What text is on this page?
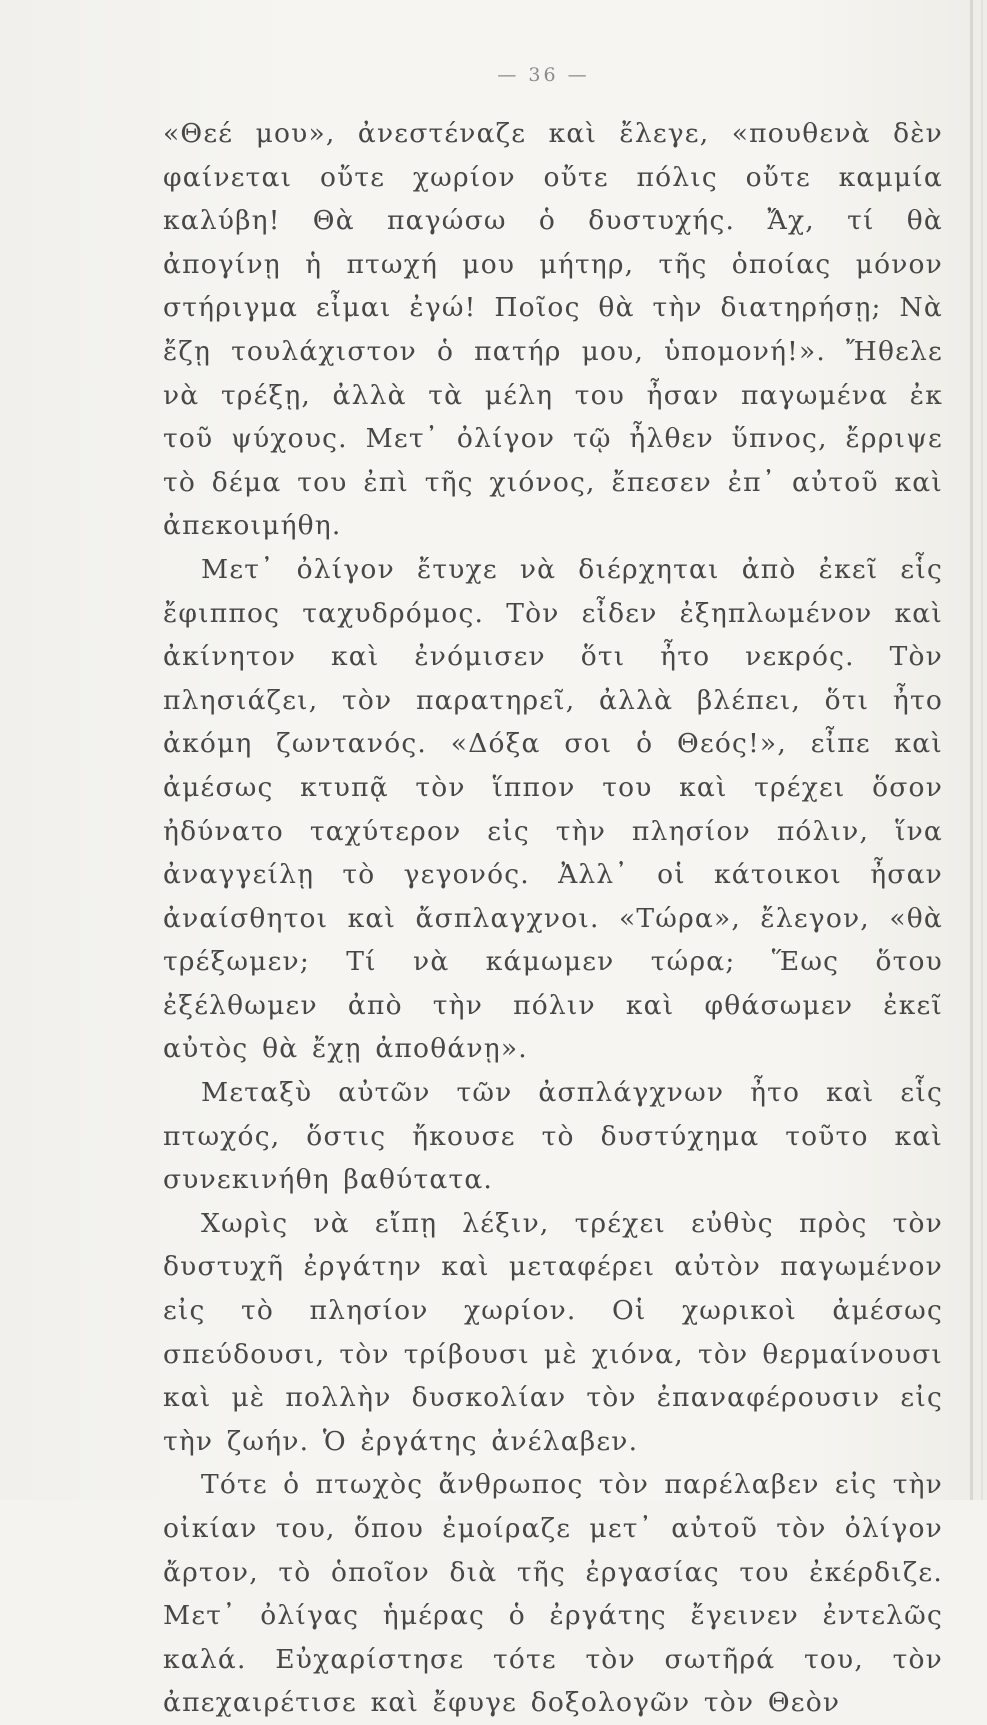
— 36 —

«Θεέ μου», ἀνεστέναζε καὶ ἔλεγε, «πουθενὰ δὲν φαίνεται οὔτε χωρίον οὔτε πόλις οὔτε καμμία καλύβη! Θὰ παγώσω ὁ δυστυχής. Ἄχ, τί θὰ ἀπογίνῃ ἡ πτωχή μου μήτηρ, τῆς ὁποίας μόνον στήριγμα εἶμαι ἐγώ! Ποῖος θὰ τὴν διατηρήσῃ; Νὰ ἔζῃ τουλάχιστον ὁ πατήρ μου, ὑπομονή!». Ἤθελε νὰ τρέξῃ, ἀλλὰ τὰ μέλη του ἦσαν παγωμένα ἐκ τοῦ ψύχους. Μετ᾽ ὀλίγον τῷ ἦλθεν ὕπνος, ἔρριψε τὸ δέμα του ἐπὶ τῆς χιόνος, ἔπεσεν ἐπ᾽ αὐτοῦ καὶ ἀπεκοιμήθη.

Μετ᾽ ὀλίγον ἔτυχε νὰ διέρχηται ἀπὸ ἐκεῖ εἷς ἔφιππος ταχυδρόμος. Τὸν εἶδεν ἐξηπλωμένον καὶ ἀκίνητον καὶ ἐνόμισεν ὅτι ἦτο νεκρός. Τὸν πλησιάζει, τὸν παρατηρεῖ, ἀλλὰ βλέπει, ὅτι ἦτο ἀκόμη ζωντανός. «Δόξα σοι ὁ Θεός!», εἶπε καὶ ἀμέσως κτυπᾷ τὸν ἵππον του καὶ τρέχει ὅσον ἠδύνατο ταχύτερον εἰς τὴν πλησίον πόλιν, ἵνα ἀναγγείλῃ τὸ γεγονός. Ἀλλ᾽ οἱ κάτοικοι ἦσαν ἀναίσθητοι καὶ ἄσπλαγχνοι. «Τώρα», ἔλεγον, «θὰ τρέξωμεν; Τί νὰ κάμωμεν τώρα; Ἕως ὅτου ἐξέλθωμεν ἀπὸ τὴν πόλιν καὶ φθάσωμεν ἐκεῖ αὐτὸς θὰ ἔχῃ ἀποθάνῃ».

Μεταξὺ αὐτῶν τῶν ἀσπλάγχνων ἦτο καὶ εἷς πτωχός, ὅστις ἤκουσε τὸ δυστύχημα τοῦτο καὶ συνεκινήθη βαθύτατα.

Χωρὶς νὰ εἴπῃ λέξιν, τρέχει εὐθὺς πρὸς τὸν δυστυχῆ ἐργάτην καὶ μεταφέρει αὐτὸν παγωμένον εἰς τὸ πλησίον χωρίον. Οἱ χωρικοὶ ἀμέσως σπεύδουσι, τὸν τρίβουσι μὲ χιόνα, τὸν θερμαίνουσι καὶ μὲ πολλὴν δυσκολίαν τὸν ἐπαναφέρουσιν εἰς τὴν ζωήν. Ὁ ἐργάτης ἀνέλαβεν.

Τότε ὁ πτωχὸς ἄνθρωπος τὸν παρέλαβεν εἰς τὴν οἰκίαν του, ὅπου ἐμοίραζε μετ᾽ αὐτοῦ τὸν ὀλίγον ἄρτον, τὸ ὁποῖον διὰ τῆς ἐργασίας του ἐκέρδιζε. Μετ᾽ ὀλίγας ἡμέρας ὁ ἐργάτης ἔγεινεν ἐντελῶς καλά. Εὐχαρίστησε τότε τὸν σωτῆρά του, τὸν ἀπεχαιρέτισε καὶ ἔφυγε δοξολογῶν τὸν Θεὸν
